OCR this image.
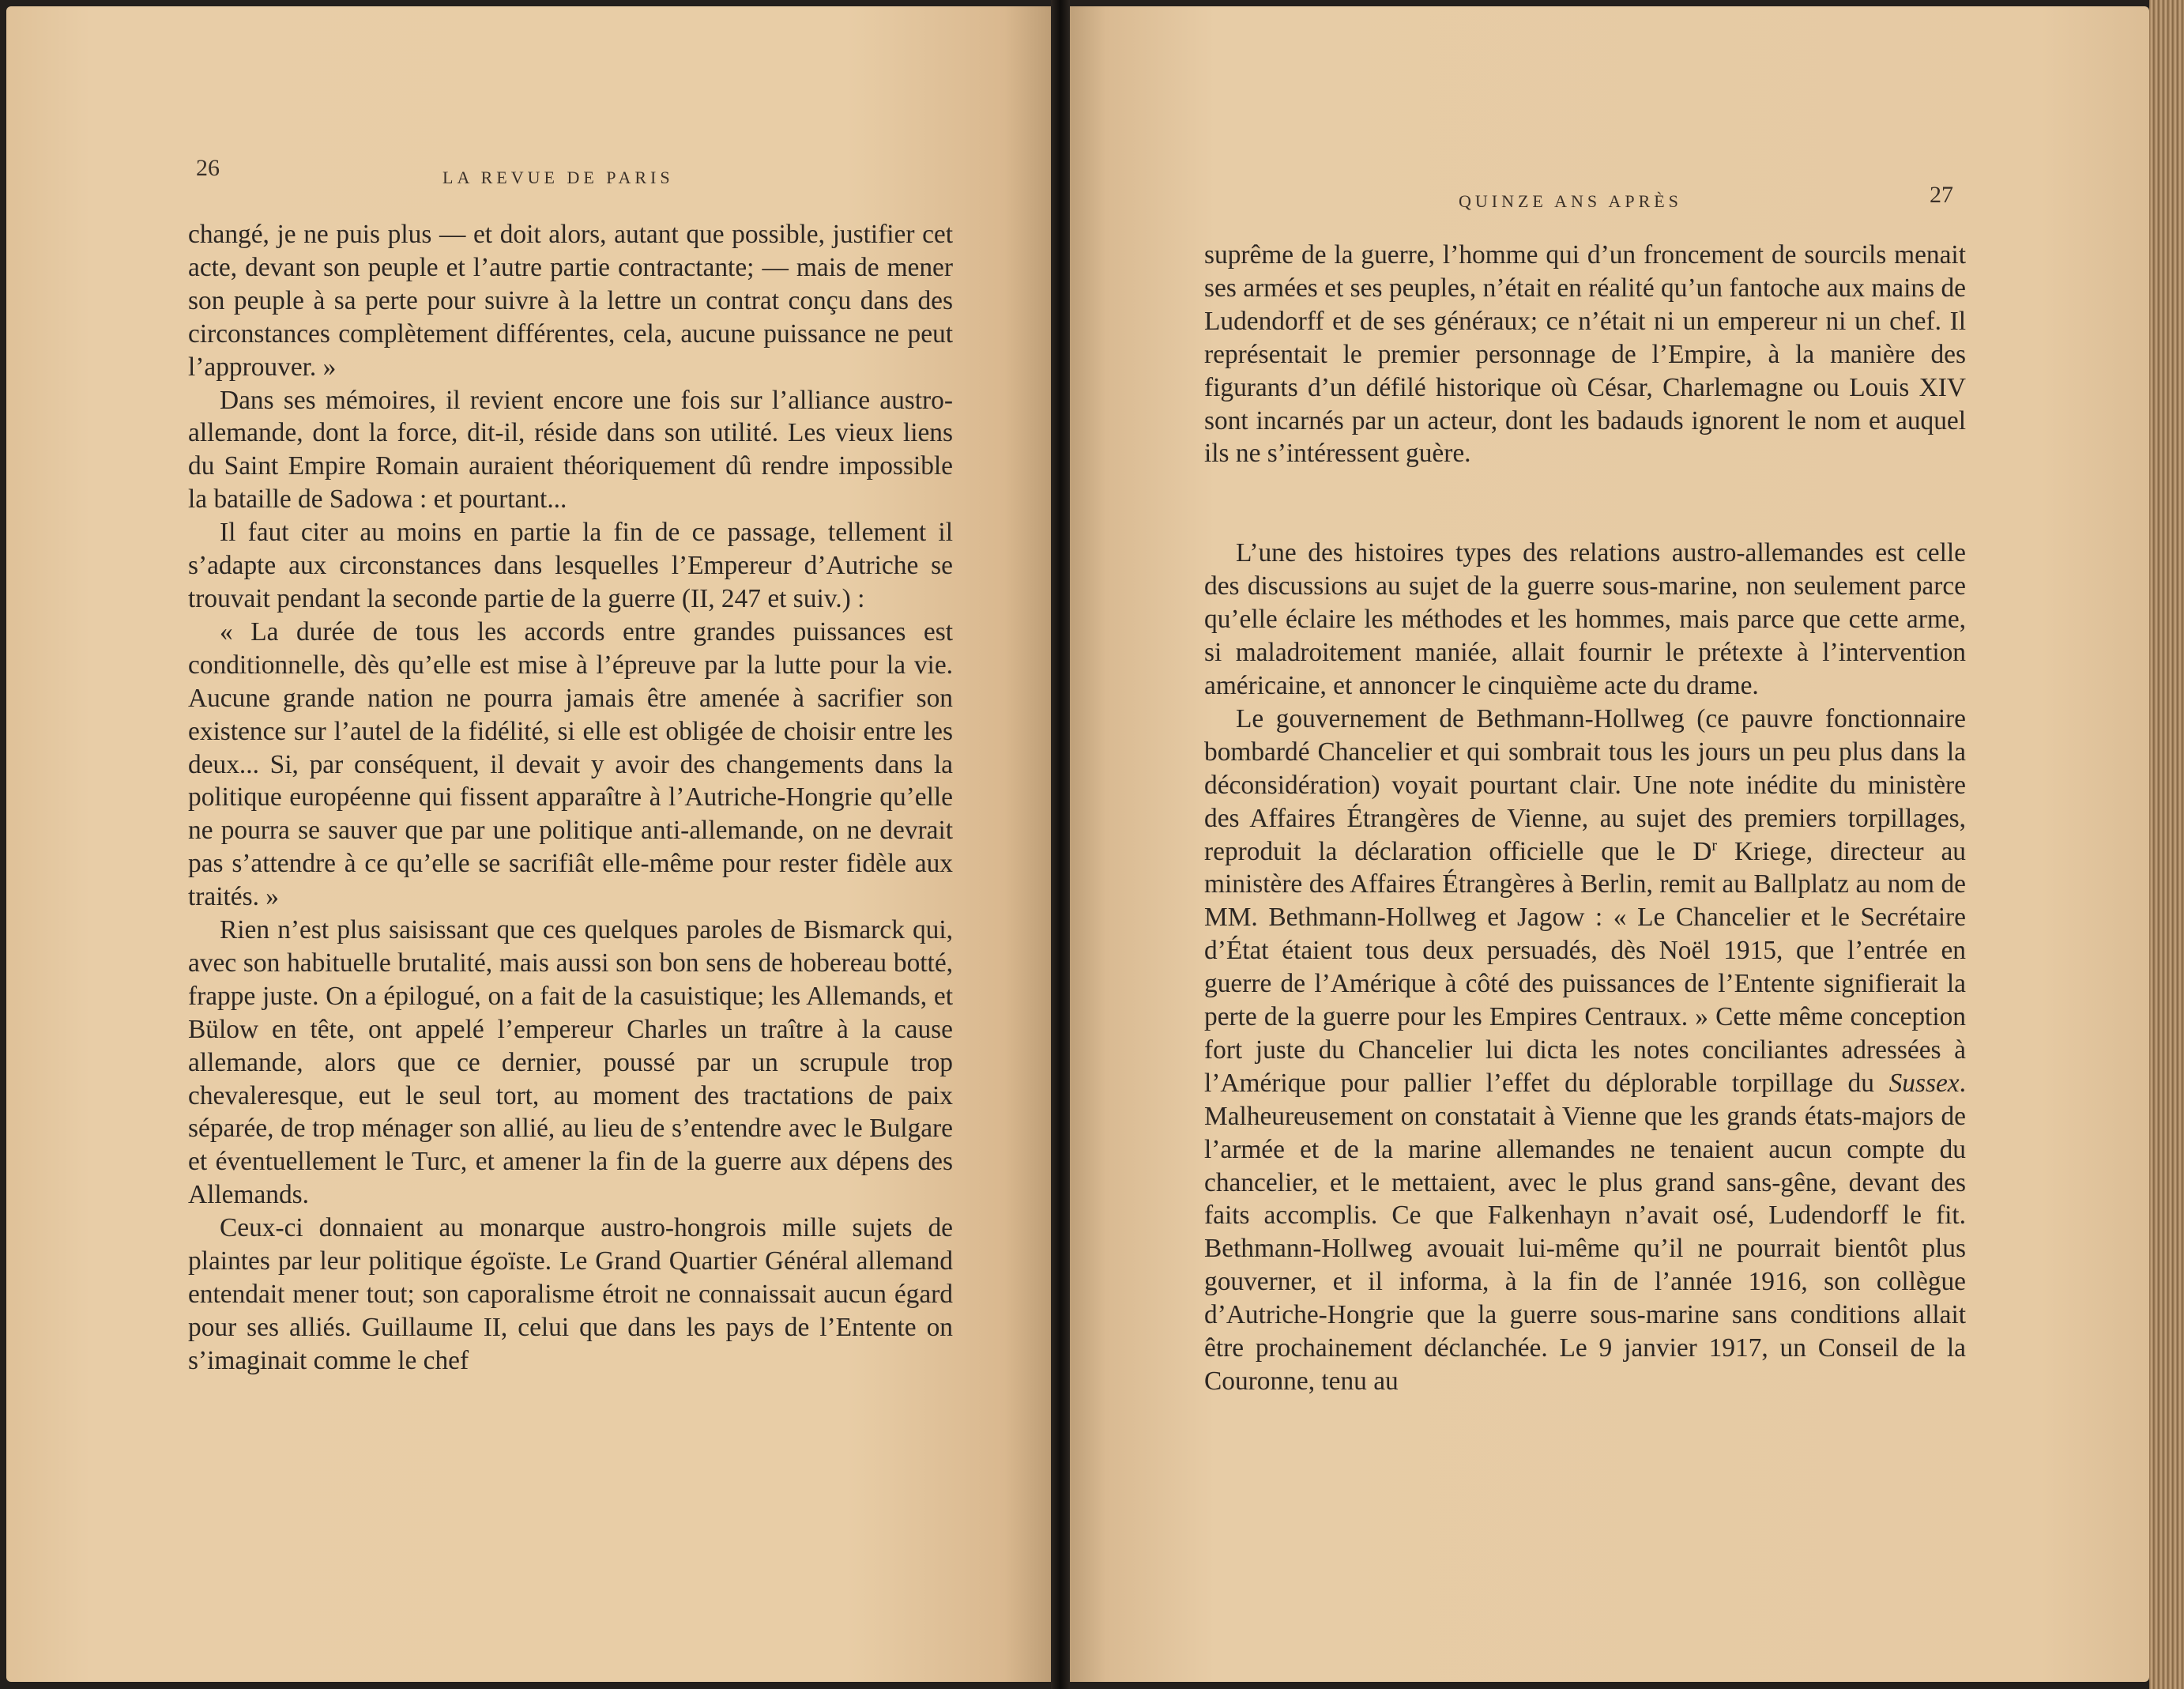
26	LA REVUE DE PARIS

changé, je ne puis plus — et doit alors, autant que possible, justifier cet acte, devant son peuple et l’autre partie contractante; — mais de mener son peuple à sa perte pour suivre à la lettre un contrat conçu dans des circonstances complètement différentes, cela, aucune puissance ne peut l’approuver. »

Dans ses mémoires, il revient encore une fois sur l’alliance austro-allemande, dont la force, dit-il, réside dans son utilité. Les vieux liens du Saint Empire Romain auraient théoriquement dû rendre impossible la bataille de Sadowa : et pourtant...

Il faut citer au moins en partie la fin de ce passage, tellement il s’adapte aux circonstances dans lesquelles l’Empereur d’Autriche se trouvait pendant la seconde partie de la guerre (II, 247 et suiv.) :

« La durée de tous les accords entre grandes puissances est conditionnelle, dès qu’elle est mise à l’épreuve par la lutte pour la vie. Aucune grande nation ne pourra jamais être amenée à sacrifier son existence sur l’autel de la fidélité, si elle est obligée de choisir entre les deux... Si, par conséquent, il devait y avoir des changements dans la politique européenne qui fissent apparaître à l’Autriche-Hongrie qu’elle ne pourra se sauver que par une politique anti-allemande, on ne devrait pas s’attendre à ce qu’elle se sacrifiât elle-même pour rester fidèle aux traités. »

Rien n’est plus saisissant que ces quelques paroles de Bismarck qui, avec son habituelle brutalité, mais aussi son bon sens de hobereau botté, frappe juste. On a épilogué, on a fait de la casuistique; les Allemands, et Bülow en tête, ont appelé l’empereur Charles un traître à la cause allemande, alors que ce dernier, poussé par un scrupule trop chevaleresque, eut le seul tort, au moment des tractations de paix séparée, de trop ménager son allié, au lieu de s’entendre avec le Bulgare et éventuellement le Turc, et amener la fin de la guerre aux dépens des Allemands.

Ceux-ci donnaient au monarque austro-hongrois mille sujets de plaintes par leur politique égoïste. Le Grand Quartier Général allemand entendait mener tout; son caporalisme étroit ne connaissait aucun égard pour ses alliés. Guillaume II, celui que dans les pays de l’Entente on s’imaginait comme le chef

QUINZE ANS APRÈS	27

suprême de la guerre, l’homme qui d’un froncement de sourcils menait ses armées et ses peuples, n’était en réalité qu’un fantoche aux mains de Ludendorff et de ses généraux; ce n’était ni un empereur ni un chef. Il représentait le premier personnage de l’Empire, à la manière des figurants d’un défilé historique où César, Charlemagne ou Louis XIV sont incarnés par un acteur, dont les badauds ignorent le nom et auquel ils ne s’intéressent guère.

L’une des histoires types des relations austro-allemandes est celle des discussions au sujet de la guerre sous-marine, non seulement parce qu’elle éclaire les méthodes et les hommes, mais parce que cette arme, si maladroitement maniée, allait fournir le prétexte à l’intervention américaine, et annoncer le cinquième acte du drame.

Le gouvernement de Bethmann-Hollweg (ce pauvre fonctionnaire bombardé Chancelier et qui sombrait tous les jours un peu plus dans la déconsidération) voyait pourtant clair. Une note inédite du ministère des Affaires Étrangères de Vienne, au sujet des premiers torpillages, reproduit la déclaration officielle que le $D^r$ Kriege, directeur au ministère des Affaires Étrangères à Berlin, remit au Ballplatz au nom de MM. Bethmann-Hollweg et Jagow : « Le Chancelier et le Secrétaire d’État étaient tous deux persuadés, dès Noël 1915, que l’entrée en guerre de l’Amérique à côté des puissances de l’Entente signifierait la perte de la guerre pour les Empires Centraux. » Cette même conception fort juste du Chancelier lui dicta les notes conciliantes adressées à l’Amérique pour pallier l’effet du déplorable torpillage du Sussex. Malheureusement on constatait à Vienne que les grands états-majors de l’armée et de la marine allemandes ne tenaient aucun compte du chancelier, et le mettaient, avec le plus grand sans-gêne, devant des faits accomplis. Ce que Falkenhayn n’avait osé, Ludendorff le fit. Bethmann-Hollweg avouait lui-même qu’il ne pourrait bientôt plus gouverner, et il informa, à la fin de l’année 1916, son collègue d’Autriche-Hongrie que la guerre sous-marine sans conditions allait être prochainement déclanchée. Le 9 janvier 1917, un Conseil de la Couronne, tenu au
